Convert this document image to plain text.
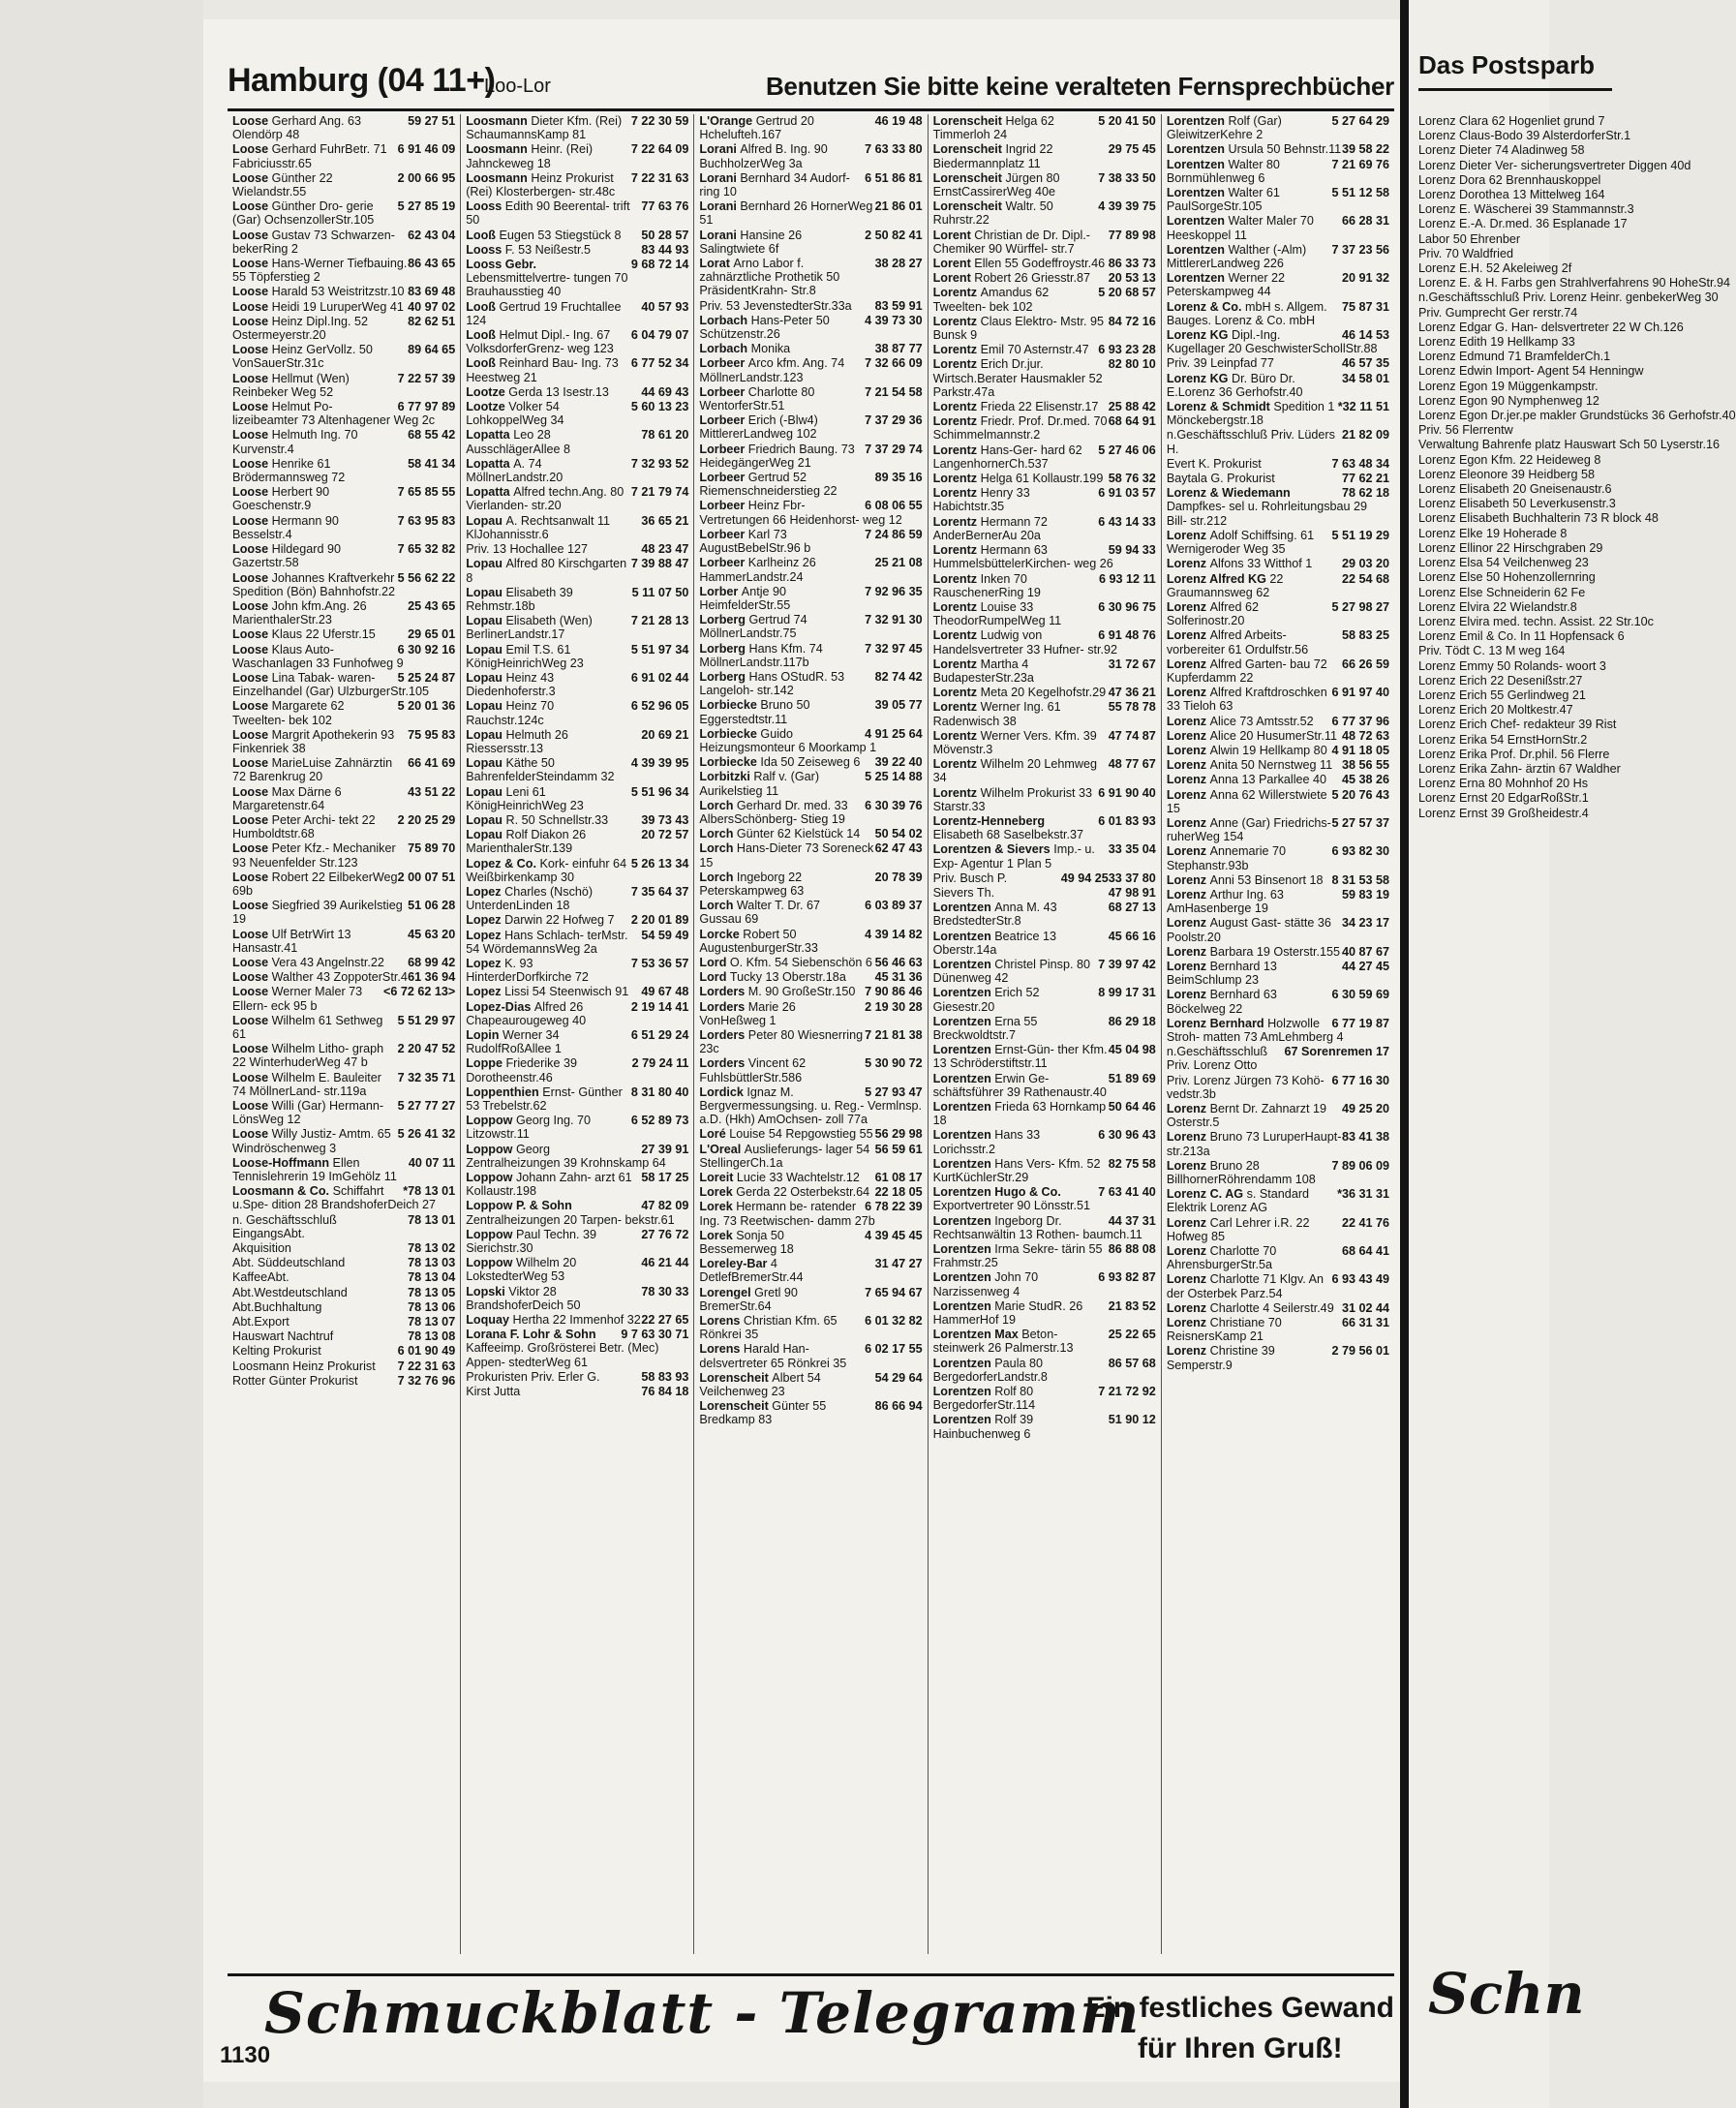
Hamburg (04 11+)
Loo-Lor	Benutzen Sie bitte keine veralteten Fernsprechbücher
59 27 51
Loose Gerhard Ang. 63 Olendörp 48
6 91 46 09
Loose Gerhard FuhrBetr. 71 Fabriciusstr.65
2 00 66 95
Loose Günther 22 Wielandstr.55
5 27 85 19
Loose Günther Dro- gerie (Gar) OchsenzollerStr.105
62 43 04
Loose Gustav 73 Schwarzen- bekerRing 2
86 43 65
Loose Hans-Werner Tiefbauing. 55 Töpferstieg 2
83 69 48
Loose Harald 53 Weistritzstr.10
40 97 02
Loose Heidi 19 LuruperWeg 41
82 62 51
Loose Heinz Dipl.Ing. 52 Ostermeyerstr.20
89 64 65
Loose Heinz GerVollz. 50 VonSauerStr.31c
7 22 57 39
Loose Hellmut (Wen) Reinbeker Weg 52
6 77 97 89
Loose Helmut Po- lizeibeamter 73 Altenhagener Weg 2c
68 55 42
Loose Helmuth Ing. 70 Kurvenstr.4
58 41 34
Loose Henrike 61 Brödermannsweg 72
7 65 85 55
Loose Herbert 90 Goeschenstr.9
7 63 95 83
Loose Hermann 90 Besselstr.4
7 65 32 82
Loose Hildegard 90 Gazertstr.58
5 56 62 22
Loose Johannes Kraftverkehr Spedition (Bön) Bahnhofstr.22
25 43 65
Loose John kfm.Ang. 26 MarienthalerStr.23
29 65 01
Loose Klaus 22 Uferstr.15
6 30 92 16
Loose Klaus Auto- Waschanlagen 33 Funhofweg 9
5 25 24 87
Loose Lina Tabak- waren-Einzelhandel (Gar) UlzburgerStr.105
5 20 01 36
Loose Margarete 62 Tweelten- bek 102
75 95 83
Loose Margrit Apothekerin 93 Finkenriek 38
66 41 69
Loose MarieLuise Zahnärztin 72 Barenkrug 20
43 51 22
Loose Max Därne 6 Margaretenstr.64
2 20 25 29
Loose Peter Archi- tekt 22 Humboldtstr.68
75 89 70
Loose Peter Kfz.- Mechaniker 93 Neuenfelder Str.123
2 00 07 51
Loose Robert 22 EilbekerWeg 69b
51 06 28
Loose Siegfried 39 Aurikelstieg 19
45 63 20
Loose Ulf BetrWirt 13 Hansastr.41
68 99 42
Loose Vera 43 Angelnstr.22
61 36 94
Loose Walther 43 ZoppoterStr.4
<6 72 62 13>
Loose Werner Maler 73 Ellern- eck 95 b
5 51 29 97
Loose Wilhelm 61 Sethweg 61
2 20 47 52
Loose Wilhelm Litho- graph 22 WinterhuderWeg 47 b
7 32 35 71
Loose Wilhelm E. Bauleiter 74 MöllnerLand- str.119a
5 27 77 27
Loose Willi (Gar) Hermann- LönsWeg 12
5 26 41 32
Loose Willy Justiz- Amtm. 65 Windröschenweg 3
40 07 11
Loose-Hoffmann Ellen Tennislehrerin 19 ImGehölz 11
*78 13 01
Loosmann & Co. Schiffahrt u.Spe- dition 28 BrandshoferDeich 27
78 13 01
n. Geschäftsschluß EingangsAbt.
78 13 02
Akquisition
78 13 03
Abt. Süddeutschland
78 13 04
KaffeeAbt.
78 13 05
Abt.Westdeutschland
78 13 06
Abt.Buchhaltung
78 13 07
Abt.Export
78 13 08
Hauswart Nachtruf
6 01 90 49
Kelting Prokurist
7 22 31 63
Loosmann Heinz Prokurist
7 32 76 96
Rotter Günter Prokurist
7 22 30 59
Loosmann Dieter Kfm. (Rei) SchaumannsKamp 81
7 22 64 09
Loosmann Heinr. (Rei) Jahnckeweg 18
7 22 31 63
Loosmann Heinz Prokurist (Rei) Klosterbergen- str.48c
77 63 76
Looss Edith 90 Beerental- trift 50
50 28 57
Looß Eugen 53 Stiegstück 8
83 44 93
Looss F. 53 Neißestr.5
9 68 72 14
Looss Gebr. Lebensmittelvertre- tungen 70 Brauhausstieg 40
40 57 93
Looß Gertrud 19 Fruchtallee 124
6 04 79 07
Looß Helmut Dipl.- Ing. 67 VolksdorferGrenz- weg 123
6 77 52 34
Looß Reinhard Bau- Ing. 73 Heestweg 21
44 69 43
Lootze Gerda 13 Isestr.13
5 60 13 23
Lootze Volker 54 LohkoppelWeg 34
78 61 20
Lopatta Leo 28 AusschlägerAllee 8
7 32 93 52
Lopatta A. 74 MöllnerLandstr.20
7 21 79 74
Lopatta Alfred techn.Ang. 80 Vierlanden- str.20
36 65 21
Lopau A. Rechtsanwalt 11 KlJohannisstr.6
48 23 47
Priv. 13 Hochallee 127
7 39 88 47
Lopau Alfred 80 Kirschgarten 8
5 11 07 50
Lopau Elisabeth 39 Rehmstr.18b
7 21 28 13
Lopau Elisabeth (Wen) BerlinerLandstr.17
5 51 97 34
Lopau Emil T.S. 61 KönigHeinrichWeg 23
6 91 02 44
Lopau Heinz 43 Diedenhoferstr.3
6 52 96 05
Lopau Heinz 70 Rauchstr.124c
20 69 21
Lopau Helmuth 26 Riessersstr.13
4 39 39 95
Lopau Käthe 50 BahrenfelderSteindamm 32
5 51 96 34
Lopau Leni 61 KönigHeinrichWeg 23
39 73 43
Lopau R. 50 Schnellstr.33
20 72 57
Lopau Rolf Diakon 26 MarienthalerStr.139
5 26 13 34
Lopez & Co. Kork- einfuhr 64 Weißbirkenkamp 30
7 35 64 37
Lopez Charles (Nschö) UnterdenLinden 18
2 20 01 89
Lopez Darwin 22 Hofweg 7
54 59 49
Lopez Hans Schlach- terMstr. 54 WördemannsWeg 2a
7 53 36 57
Lopez K. 93 HinterderDorfkirche 72
49 67 48
Lopez Lissi 54 Steenwisch 91
2 19 14 41
Lopez-Dias Alfred 26 Chapeaurougeweg 40
6 51 29 24
Lopin Werner 34 RudolfRoßAllee 1
2 79 24 11
Loppe Friederike 39 Dorotheenstr.46
8 31 80 40
Loppenthien Ernst- Günther 53 Trebelstr.62
6 52 89 73
Loppow Georg Ing. 70 Litzowstr.11
27 39 91
Loppow Georg Zentralheizungen 39 Krohnskamp 64
58 17 25
Loppow Johann Zahn- arzt 61 Kollaustr.198
47 82 09
Loppow P. & Sohn Zentralheizungen 20 Tarpen- bekstr.61
27 76 72
Loppow Paul Techn. 39 Sierichstr.30
46 21 44
Loppow Wilhelm 20 LokstedterWeg 53
78 30 33
Lopski Viktor 28 BrandshoferDeich 50
22 27 65
Loquay Hertha 22 Immenhof 32
9 7 63 30 71
Lorana F. Lohr & Sohn Kaffeeimp. Großrösterei Betr. (Mec) Appen- stedterWeg 61
58 83 93
Prokuristen Priv. Erler G.
76 84 18
Kirst Jutta
46 19 48
L'Orange Gertrud 20 Hchelufteh.167
7 63 33 80
Lorani Alfred B. Ing. 90 BuchholzerWeg 3a
6 51 86 81
Lorani Bernhard 34 Audorf- ring 10
21 86 01
Lorani Bernhard 26 HornerWeg 51
2 50 82 41
Lorani Hansine 26 Salingtwiete 6f
38 28 27
Lorat Arno Labor f. zahnärztliche Prothetik 50 PräsidentKrahn- Str.8
83 59 91
Priv. 53 JevenstedterStr.33a
4 39 73 30
Lorbach Hans-Peter 50 Schützenstr.26
38 87 77
Lorbach Monika
7 32 66 09
Lorbeer Arco kfm. Ang. 74 MöllnerLandstr.123
7 21 54 58
Lorbeer Charlotte 80 WentorferStr.51
7 37 29 36
Lorbeer Erich (-Blw4) MittlererLandweg 102
7 37 29 74
Lorbeer Friedrich Baung. 73 HeidegängerWeg 21
89 35 16
Lorbeer Gertrud 52 Riemenschneiderstieg 22
6 08 06 55
Lorbeer Heinz Fbr- Vertretungen 66 Heidenhorst- weg 12
7 24 86 59
Lorbeer Karl 73 AugustBebelStr.96 b
25 21 08
Lorbeer Karlheinz 26 HammerLandstr.24
7 92 96 35
Lorber Antje 90 HeimfelderStr.55
7 32 91 30
Lorberg Gertrud 74 MöllnerLandstr.75
7 32 97 45
Lorberg Hans Kfm. 74 MöllnerLandstr.117b
82 74 42
Lorberg Hans OStudR. 53 Langeloh- str.142
39 05 77
Lorbiecke Bruno 50 Eggerstedtstr.11
4 91 25 64
Lorbiecke Guido Heizungsmonteur 6 Moorkamp 1
39 22 40
Lorbiecke Ida 50 Zeiseweg 6
5 25 14 88
Lorbitzki Ralf v. (Gar) Aurikelstieg 11
6 30 39 76
Lorch Gerhard Dr. med. 33 AlbersSchönberg- Stieg 19
50 54 02
Lorch Günter 62 Kielstück 14
62 47 43
Lorch Hans-Dieter 73 Soreneck 15
20 78 39
Lorch Ingeborg 22 Peterskampweg 63
6 03 89 37
Lorch Walter T. Dr. 67 Gussau 69
4 39 14 82
Lorcke Robert 50 AugustenburgerStr.33
56 46 63
Lord O. Kfm. 54 Siebenschön 6
45 31 36
Lord Tucky 13 Oberstr.18a
7 90 86 46
Lorders M. 90 GroßeStr.150
2 19 30 28
Lorders Marie 26 VonHeßweg 1
7 21 81 38
Lorders Peter 80 Wiesnerring 23c
5 30 90 72
Lorders Vincent 62 FuhlsbüttlerStr.586
5 27 93 47
Lordick Ignaz M. Bergvermessungsing. u. Reg.- Vermlnsp. a.D. (Hkh) AmOchsen- zoll 77a
56 29 98
Loré Louise 54 Repgowstieg 55
56 59 61
L'Oreal Auslieferungs- lager 54 StellingerCh.1a
61 08 17
Loreit Lucie 33 Wachtelstr.12
22 18 05
Lorek Gerda 22 Osterbekstr.64
6 78 22 39
Lorek Hermann be- ratender Ing. 73 Reetwischen- damm 27b
4 39 45 45
Lorek Sonja 50 Bessemerweg 18
31 47 27
Loreley-Bar 4 DetlefBremerStr.44
7 65 94 67
Lorengel Gretl 90 BremerStr.64
6 01 32 82
Lorens Christian Kfm. 65 Rönkrei 35
6 02 17 55
Lorens Harald Han- delsvertreter 65 Rönkrei 35
54 29 64
Lorenscheit Albert 54 Veilchenweg 23
86 66 94
Lorenscheit Günter 55 Bredkamp 83
5 20 41 50
Lorenscheit Helga 62 Timmerloh 24
29 75 45
Lorenscheit Ingrid 22 Biedermannplatz 11
7 38 33 50
Lorenscheit Jürgen 80 ErnstCassirerWeg 40e
4 39 39 75
Lorenscheit Waltr. 50 Ruhrstr.22
77 89 98
Lorent Christian de Dr. Dipl.-Chemiker 90 Würffel- str.7
86 33 73
Lorent Ellen 55 Godeffroystr.46
20 53 13
Lorent Robert 26 Griesstr.87
5 20 68 57
Lorentz Amandus 62 Tweelten- bek 102
84 72 16
Lorentz Claus Elektro- Mstr. 95 Bunsk 9
6 93 23 28
Lorentz Emil 70 Asternstr.47
82 80 10
Lorentz Erich Dr.jur. Wirtsch.Berater Hausmakler 52 Parkstr.47a
25 88 42
Lorentz Frieda 22 Elisenstr.17
68 64 91
Lorentz Friedr. Prof. Dr.med. 70 Schimmelmannstr.2
5 27 46 06
Lorentz Hans-Ger- hard 62 LangenhornerCh.537
58 76 32
Lorentz Helga 61 Kollaustr.199
6 91 03 57
Lorentz Henry 33 Habichtstr.35
6 43 14 33
Lorentz Hermann 72 AnderBernerAu 20a
59 94 33
Lorentz Hermann 63 HummelsbüttelerKirchen- weg 26
6 93 12 11
Lorentz Inken 70 RauschenerRing 19
6 30 96 75
Lorentz Louise 33 TheodorRumpelWeg 11
6 91 48 76
Lorentz Ludwig von Handelsvertreter 33 Hufner- str.92
31 72 67
Lorentz Martha 4 BudapesterStr.23a
47 36 21
Lorentz Meta 20 Kegelhofstr.29
55 78 78
Lorentz Werner Ing. 61 Radenwisch 38
47 74 87
Lorentz Werner Vers. Kfm. 39 Mövenstr.3
48 77 67
Lorentz Wilhelm 20 Lehmweg 34
6 91 90 40
Lorentz Wilhelm Prokurist 33 Starstr.33
6 01 83 93
Lorentz-Henneberg Elisabeth 68 Saselbekstr.37
33 35 04
Lorentzen & Sievers Imp.- u. Exp- Agentur 1 Plan 5
33 37 80
49 94 25
Priv. Busch P.
47 98 91
Sievers Th.
68 27 13
Lorentzen Anna M. 43 BredstedterStr.8
45 66 16
Lorentzen Beatrice 13 Oberstr.14a
7 39 97 42
Lorentzen Christel Pinsp. 80 Dünenweg 42
8 99 17 31
Lorentzen Erich 52 Giesestr.20
86 29 18
Lorentzen Erna 55 Breckwoldtstr.7
45 04 98
Lorentzen Ernst-Gün- ther Kfm. 13 Schröderstiftstr.11
51 89 69
Lorentzen Erwin Ge- schäftsführer 39 Rathenaustr.40
50 64 46
Lorentzen Frieda 63 Hornkamp 18
6 30 96 43
Lorentzen Hans 33 Lorichsstr.2
82 75 58
Lorentzen Hans Vers- Kfm. 52 KurtKüchlerStr.29
7 63 41 40
Lorentzen Hugo & Co. Exportvertreter 90 Lönsstr.51
44 37 31
Lorentzen Ingeborg Dr. Rechtsanwältin 13 Rothen- baumch.11
86 88 08
Lorentzen Irma Sekre- tärin 55 Frahmstr.25
6 93 82 87
Lorentzen John 70 Narzissenweg 4
21 83 52
Lorentzen Marie StudR. 26 HammerHof 19
25 22 65
Lorentzen Max Beton- steinwerk 26 Palmerstr.13
86 57 68
Lorentzen Paula 80 BergedorferLandstr.8
7 21 72 92
Lorentzen Rolf 80 BergedorferStr.114
51 90 12
Lorentzen Rolf 39 Hainbuchenweg 6
5 27 64 29
Lorentzen Rolf (Gar) GleiwitzerKehre 2
39 58 22
Lorentzen Ursula 50 Behnstr.11
7 21 69 76
Lorentzen Walter 80 Bornmühlenweg 6
5 51 12 58
Lorentzen Walter 61 PaulSorgeStr.105
66 28 31
Lorentzen Walter Maler 70 Heeskoppel 11
7 37 23 56
Lorentzen Walther (-Alm) MittlererLandweg 226
20 91 32
Lorentzen Werner 22 Peterskampweg 44
75 87 31
Lorenz & Co. mbH s. Allgem. Bauges. Lorenz & Co. mbH
46 14 53
Lorenz KG Dipl.-Ing. Kugellager 20 GeschwisterSchollStr.88
46 57 35
Priv. 39 Leinpfad 77
34 58 01
Lorenz KG Dr. Büro Dr. E.Lorenz 36 Gerhofstr.40
*32 11 51
Lorenz & Schmidt Spedition 1 Mönckebergstr.18
21 82 09
n.Geschäftsschluß Priv. Lüders H.
7 63 48 34
Evert K. Prokurist
77 62 21
Baytala G. Prokurist
78 62 18
Lorenz & Wiedemann Dampfkes- sel u. Rohrleitungsbau 29 Bill- str.212
5 51 19 29
Lorenz Adolf Schiffsing. 61 Wernigeroder Weg 35
29 03 20
Lorenz Alfons 33 Witthof 1
22 54 68
Lorenz Alfred KG 22 Graumannsweg 62
5 27 98 27
Lorenz Alfred 62 Solferinostr.20
58 83 25
Lorenz Alfred Arbeits- vorbereiter 61 Ordulfstr.56
66 26 59
Lorenz Alfred Garten- bau 72 Kupferdamm 22
6 91 97 40
Lorenz Alfred Kraftdroschken 33 Tieloh 63
6 77 37 96
Lorenz Alice 73 Amtsstr.52
48 72 63
Lorenz Alice 20 HusumerStr.11
4 91 18 05
Lorenz Alwin 19 Hellkamp 80
38 56 55
Lorenz Anita 50 Nernstweg 11
45 38 26
Lorenz Anna 13 Parkallee 40
5 20 76 43
Lorenz Anna 62 Willerstwiete 15
5 27 57 37
Lorenz Anne (Gar) Friedrichs- ruherWeg 154
6 93 82 30
Lorenz Annemarie 70 Stephanstr.93b
8 31 53 58
Lorenz Anni 53 Binsenort 18
59 83 19
Lorenz Arthur Ing. 63 AmHasenberge 19
34 23 17
Lorenz August Gast- stätte 36 Poolstr.20
40 87 67
Lorenz Barbara 19 Osterstr.155
44 27 45
Lorenz Bernhard 13 BeimSchlump 23
6 30 59 69
Lorenz Bernhard 63 Böckelweg 22
6 77 19 87
Lorenz Bernhard Holzwolle Stroh- matten 73 AmLehmberg 4
67 Sorenremen 17
n.Geschäftsschluß Priv. Lorenz Otto
6 77 16 30
Priv. Lorenz Jürgen 73 Kohö- vedstr.3b
49 25 20
Lorenz Bernt Dr. Zahnarzt 19 Osterstr.5
83 41 38
Lorenz Bruno 73 LuruperHaupt- str.213a
7 89 06 09
Lorenz Bruno 28 BillhornerRöhrendamm 108
*36 31 31
Lorenz C. AG s. Standard Elektrik Lorenz AG
22 41 76
Lorenz Carl Lehrer i.R. 22 Hofweg 85
68 64 41
Lorenz Charlotte 70 AhrensburgerStr.5a
6 93 43 49
Lorenz Charlotte 71 Klgv. An der Osterbek Parz.54
31 02 44
Lorenz Charlotte 4 Seilerstr.49
66 31 31
Lorenz Christiane 70 ReisnersKamp 21
2 79 56 01
Lorenz Christine 39 Semperstr.9
1130
Schmuckblatt - Telegramm
Ein festliches Gewand
für Ihren Gruß!
Das Postsparb
Lorenz Clara 62 Hogenliet grund 7
Lorenz Claus-Bodo 39 AlsterdorferStr.1
Lorenz Dieter 74 Aladinweg 58
Lorenz Dieter Ver- sicherungsvertreter Diggen 40d
Lorenz Dora 62 Brennhauskoppel
Lorenz Dorothea 13 Mittelweg 164
Lorenz E. Wäscherei 39 Stammannstr.3
Lorenz E.-A. Dr.med. 36 Esplanade 17
Labor 50 Ehrenber
Priv. 70 Waldfried
Lorenz E.H. 52 Akeleiweg 2f
Lorenz E. & H. Farbs gen Strahlverfahrens 90 HoheStr.94
n.Geschäftsschluß Priv. Lorenz Heinr. genbekerWeg 30
Priv. Gumprecht Ger rerstr.74
Lorenz Edgar G. Han- delsvertreter 22 W Ch.126
Lorenz Edith 19 Hellkamp 33
Lorenz Edmund 71 BramfelderCh.1
Lorenz Edwin Import- Agent 54 Henningw
Lorenz Egon 19 Müggenkampstr.
Lorenz Egon 90 Nymphenweg 12
Lorenz Egon Dr.jer.pe makler Grundstücks 36 Gerhofstr.40
Priv. 56 Flerrentw
Verwaltung Bahrenfe platz Hauswart Sch 50 Lyserstr.16
Lorenz Egon Kfm. 22 Heideweg 8
Lorenz Eleonore 39 Heidberg 58
Lorenz Elisabeth 20 Gneisenaustr.6
Lorenz Elisabeth 50 Leverkusenstr.3
Lorenz Elisabeth Buchhalterin 73 R block 48
Lorenz Elke 19 Hoherade 8
Lorenz Ellinor 22 Hirschgraben 29
Lorenz Elsa 54 Veilchenweg 23
Lorenz Else 50 Hohenzollernring
Lorenz Else Schneiderin 62 Fe
Lorenz Elvira 22 Wielandstr.8
Lorenz Elvira med. techn. Assist. 22 Str.10c
Lorenz Emil & Co. In 11 Hopfensack 6
Priv. Tödt C. 13 M weg 164
Lorenz Emmy 50 Rolands- woort 3
Lorenz Erich 22 Desenißstr.27
Lorenz Erich 55 Gerlindweg 21
Lorenz Erich 20 Moltkestr.47
Lorenz Erich Chef- redakteur 39 Rist
Lorenz Erika 54 ErnstHornStr.2
Lorenz Erika Prof. Dr.phil. 56 Flerre
Lorenz Erika Zahn- ärztin 67 Waldher
Lorenz Erna 80 Mohnhof 20 Hs
Lorenz Ernst 20 EdgarRoßStr.1
Lorenz Ernst 39 Großheidestr.4
Schn
